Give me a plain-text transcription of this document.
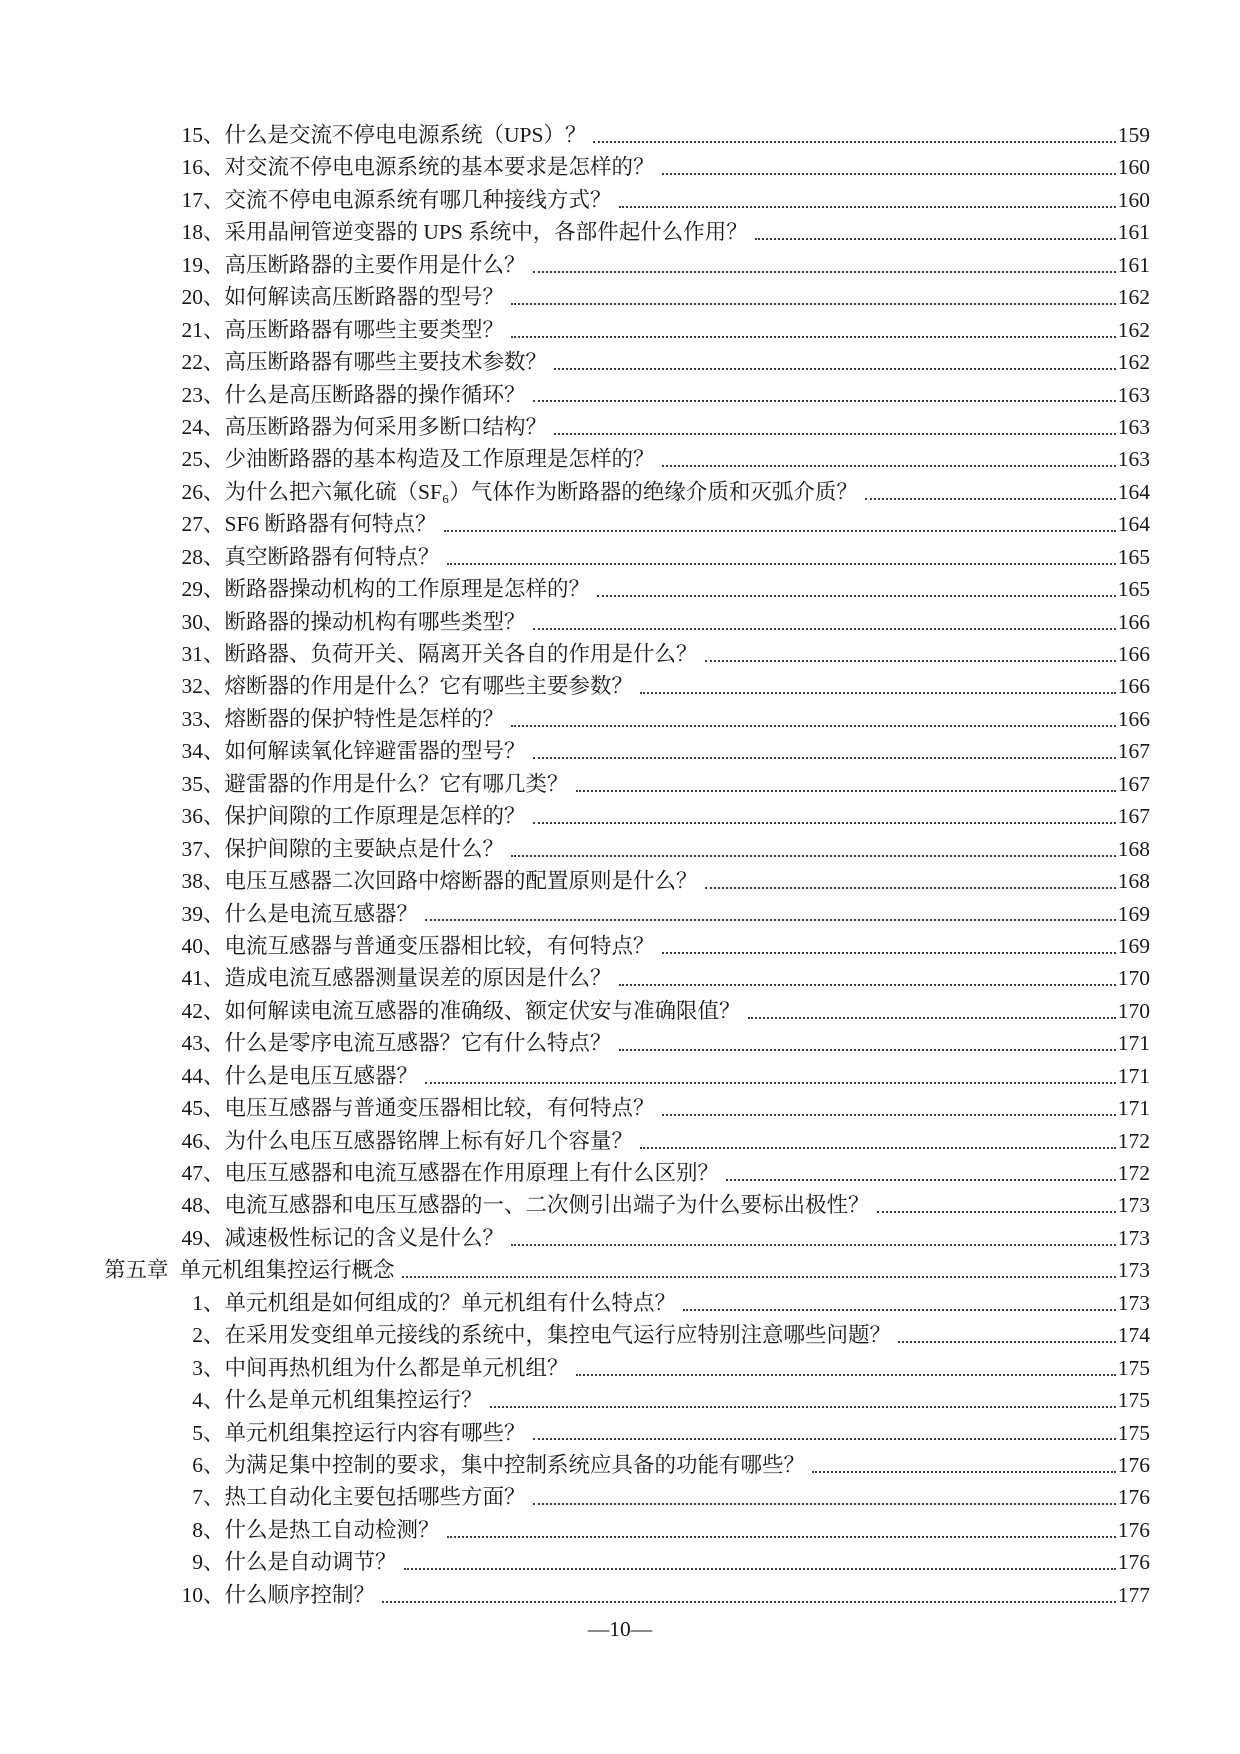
15 、 什么是交流不停电电源系统（UPS）？	159
16 、 对交流不停电电源系统的基本要求是怎样的？	160
17 、 交流不停电电源系统有哪几种接线方式？	160
18 、 采用晶闸管逆变器的 UPS 系统中，各部件起什么作用？	161
19 、 高压断路器的主要作用是什么？	161
20 、 如何解读高压断路器的型号？	162
21 、 高压断路器有哪些主要类型？	162
22 、 高压断路器有哪些主要技术参数？	162
23 、 什么是高压断路器的操作循环？	163
24 、 高压断路器为何采用多断口结构？	163
25 、 少油断路器的基本构造及工作原理是怎样的？	163
26 、 为什么把六氟化硫（SF₆）气体作为断路器的绝缘介质和灭弧介质？	164
27 、 SF6 断路器有何特点？	164
28 、 真空断路器有何特点？	165
29 、 断路器操动机构的工作原理是怎样的？	165
30 、 断路器的操动机构有哪些类型？	166
31 、 断路器、负荷开关、隔离开关各自的作用是什么？	166
32 、 熔断器的作用是什么？它有哪些主要参数？	166
33 、 熔断器的保护特性是怎样的？	166
34 、 如何解读氧化锌避雷器的型号？	167
35 、 避雷器的作用是什么？它有哪几类？	167
36 、 保护间隙的工作原理是怎样的？	167
37 、 保护间隙的主要缺点是什么？	168
38 、 电压互感器二次回路中熔断器的配置原则是什么？	168
39 、 什么是电流互感器？	169
40 、 电流互感器与普通变压器相比较，有何特点？	169
41 、 造成电流互感器测量误差的原因是什么？	170
42 、 如何解读电流互感器的准确级、额定伏安与准确限值？	170
43 、 什么是零序电流互感器？它有什么特点？	171
44 、 什么是电压互感器？	171
45 、 电压互感器与普通变压器相比较，有何特点？	171
46 、 为什么电压互感器铭牌上标有好几个容量？	172
47 、 电压互感器和电流互感器在作用原理上有什么区别？	172
48 、 电流互感器和电压互感器的一、二次侧引出端子为什么要标出极性？	173
49 、 减速极性标记的含义是什么？	173
第五章 单元机组集控运行概念	173
1 、 单元机组是如何组成的？单元机组有什么特点？	173
2 、 在采用发变组单元接线的系统中，集控电气运行应特别注意哪些问题？	174
3 、 中间再热机组为什么都是单元机组？	175
4 、 什么是单元机组集控运行？	175
5 、 单元机组集控运行内容有哪些？	175
6 、 为满足集中控制的要求，集中控制系统应具备的功能有哪些？	176
7 、 热工自动化主要包括哪些方面？	176
8 、 什么是热工自动检测？	176
9 、 什么是自动调节？	176
10 、 什么顺序控制？	177
—10—
